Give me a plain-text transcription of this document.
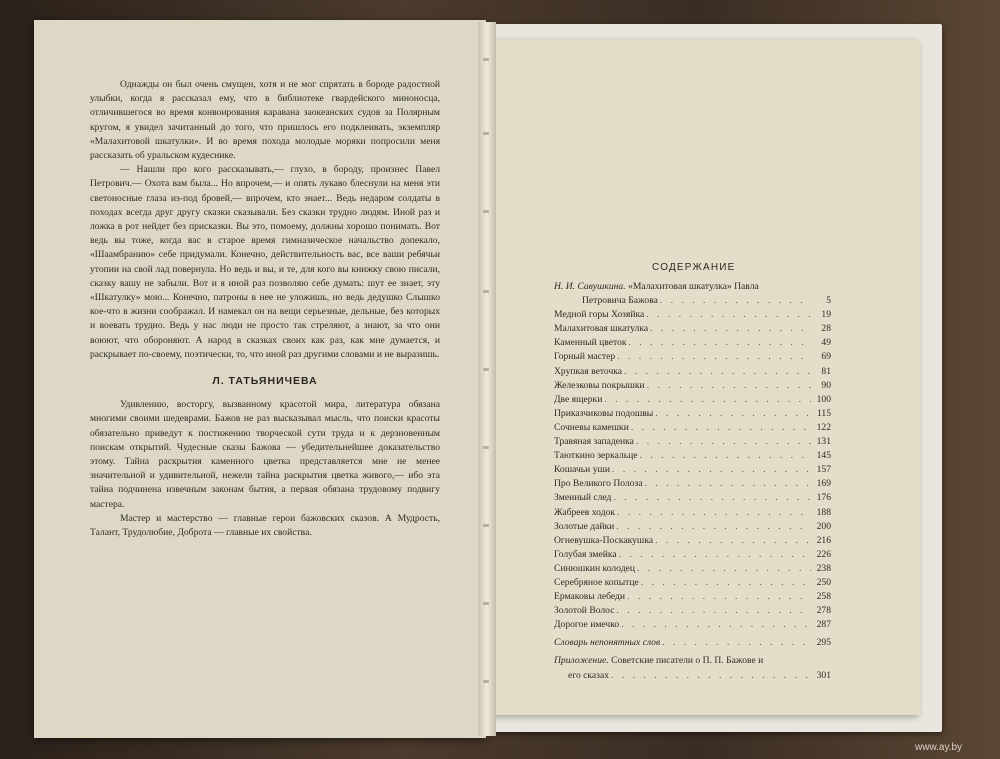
Однажды он был очень смущен, хотя и не мог спрятать в бороде радостной улыбки, когда я рассказал ему, что в библиотеке гвардейского миноносца, отличившегося во время конвоирования каравана заокеанских судов за Полярным кругом, я увидел зачитанный до того, что пришлось его подклеивать, экземпляр «Малахитовой шкатулки». И во время похода молодые моряки попросили меня рассказать об уральском кудеснике.

— Нашли про кого рассказывать,— глухо, в бороду, произнес Павел Петрович.— Охота вам была... Но впрочем,— и опять лукаво блеснули на меня эти светоносные глаза из-под бровей,— впрочем, кто знает... Ведь недаром солдаты в походах всегда друг другу сказки сказывали. Без сказки трудно людям. Иной раз и ложка в рот нейдет без присказки. Вы это, помоему, должны хорошо понимать. Вот ведь вы тоже, когда вас в старое время гимназическое начальство допекало, «Шаамбранию» себе придумали. Конечно, действительность вас, все ваши ребячьи утопии на свой лад повернула. Но ведь и вы, и те, для кого вы книжку свою писали, сказку вашу не забыли. Вот и я иной раз позволяю себе думать: шут ее знает, эту «Шкатулку» мою... Конечно, патроны в нее не уложишь, но ведь дедушко Слышко кое-что в жизни соображал. И намекал он на вещи серьезные, дельные, без которых и воевать трудно. Ведь у нас люди не просто так стреляют, а знают, за что они воюют, что обороняют. А народ в сказках своих как раз, как мне думается, и раскрывает по-своему, поэтически, то, что иной раз другими словами и не выразишь.

Л. ТАТЬЯНИЧЕВА

Удивлению, восторгу, вызванному красотой мира, литература обязана многими своими шедеврами. Бажов не раз высказывал мысль, что поиски красоты обязательно приведут к постижению творческой сути труда и к дерзновенным поискам открытий. Чудесные сказы Бажова — убедительнейшее доказательство этому. Тайна раскрытия каменного цветка представляется мне не менее значительной и удивительной, нежели тайна раскрытия цветка живого,— ибо эта тайна подчинена извечным законам бытия, а первая обязана трудовому подвигу мастера.

Мастер и мастерство — главные герои бажовских сказов. А Мудрость, Талант, Трудолюбие, Доброта — главные их свойства.

СОДЕРЖАНИЕ
Н. И. Савушкина. «Малахитовая шкатулка» Павла
Петровича Бажова . . .	5
Медной горы Хозяйка . . .	19
Малахитовая шкатулка . . .	28
Каменный цветок . . .	49
Горный мастер . . .	69
Хрупкая веточка . . .	81
Железковы покрышки . . .	90
Две ящерки . . .	100
Приказчиковы подошвы . . .	115
Сочневы камешки . . .	122
Травяная западенка . . .	131
Таюткино зеркальце . . .	145
Кошачьи уши . . .	157
Про Великого Полоза . . .	169
Змеиный след . . .	176
Жабреев ходок . . .	188
Золотые дайки . . .	200
Огневушка-Поскакушка . . .	216
Голубая змейка . . .	226
Синюшкин колодец . . .	238
Серебряное копытце . . .	250
Ермаковы лебеди . . .	258
Золотой Волос . . .	278
Дорогое имечко . . .	287
Словарь непонятных слов . . .	295
Приложение. Советские писатели о П. П. Бажове и
его сказах . . .	301
www.ay.by
